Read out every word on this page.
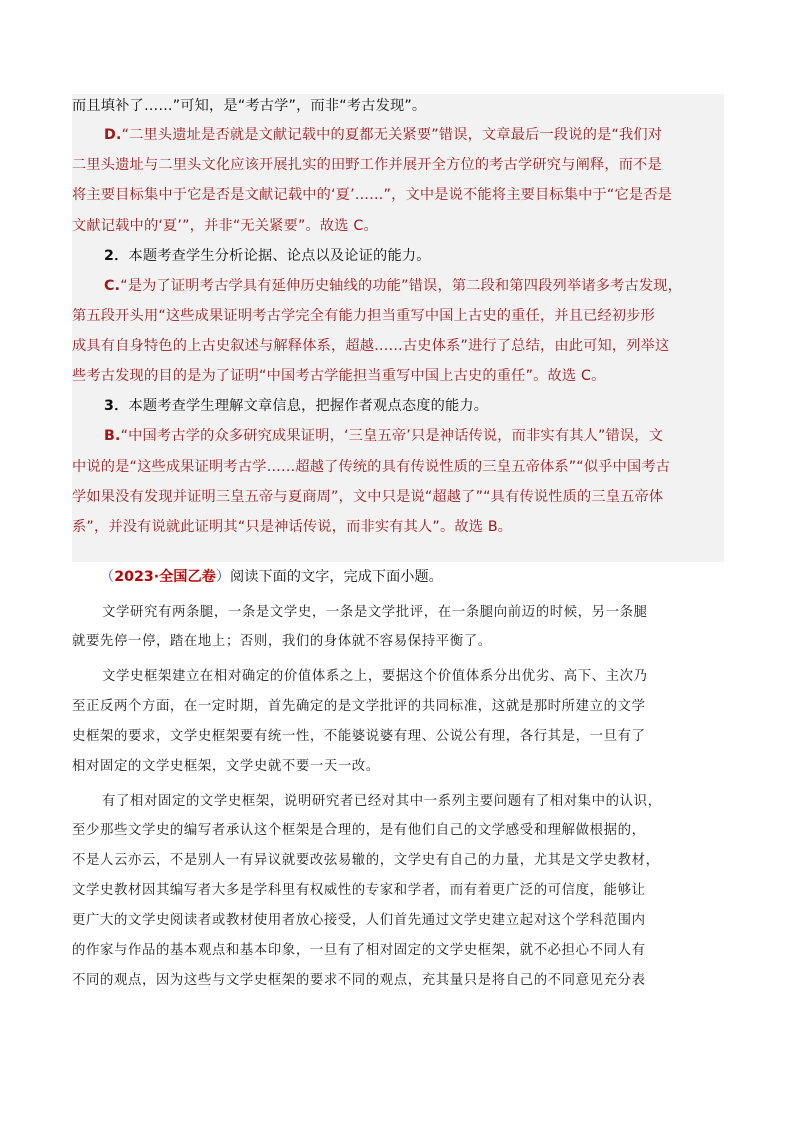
而且填补了……”可知，是“考古学”，而非“考古发现”。
D.“二里头遗址是否就是文献记载中的夏都无关紧要”错误，文章最后一段说的是“我们对
二里头遗址与二里头文化应该开展扎实的田野工作并展开全方位的考古学研究与阐释，而不是
将主要目标集中于它是否是文献记载中的‘夏’……”，文中是说不能将主要目标集中于“它是否是
文献记载中的‘夏’”，并非“无关紧要”。故选 C。
2．本题考查学生分析论据、论点以及论证的能力。
C.“是为了证明考古学具有延伸历史轴线的功能”错误，第二段和第四段列举诸多考古发现，
第五段开头用“这些成果证明考古学完全有能力担当重写中国上古史的重任，并且已经初步形
成具有自身特色的上古史叙述与解释体系，超越……古史体系”进行了总结，由此可知，列举这
些考古发现的目的是为了证明“中国考古学能担当重写中国上古史的重任”。故选 C。
3．本题考查学生理解文章信息，把握作者观点态度的能力。
B.“中国考古学的众多研究成果证明，‘三皇五帝’只是神话传说，而非实有其人”错误，文
中说的是“这些成果证明考古学……超越了传统的具有传说性质的三皇五帝体系”“似乎中国考古
学如果没有发现并证明三皇五帝与夏商周”，文中只是说“超越了”“具有传说性质的三皇五帝体
系”，并没有说就此证明其“只是神话传说，而非实有其人”。故选 B。
（2023·全国乙卷）阅读下面的文字，完成下面小题。
文学研究有两条腿，一条是文学史，一条是文学批评，在一条腿向前迈的时候，另一条腿
就要先停一停，踏在地上；否则，我们的身体就不容易保持平衡了。
文学史框架建立在相对确定的价值体系之上，要据这个价值体系分出优劣、高下、主次乃
至正反两个方面，在一定时期，首先确定的是文学批评的共同标准，这就是那时所建立的文学
史框架的要求，文学史框架要有统一性，不能婆说婆有理、公说公有理，各行其是，一旦有了
相对固定的文学史框架，文学史就不要一天一改。
有了相对固定的文学史框架，说明研究者已经对其中一系列主要问题有了相对集中的认识，
至少那些文学史的编写者承认这个框架是合理的，是有他们自己的文学感受和理解做根据的，
不是人云亦云，不是别人一有异议就要改弦易辙的，文学史有自己的力量，尤其是文学史教材，
文学史教材因其编写者大多是学科里有权威性的专家和学者，而有着更广泛的可信度，能够让
更广大的文学史阅读者或教材使用者放心接受，人们首先通过文学史建立起对这个学科范围内
的作家与作品的基本观点和基本印象，一旦有了相对固定的文学史框架，就不必担心不同人有
不同的观点，因为这些与文学史框架的要求不同的观点，充其量只是将自己的不同意见充分表
